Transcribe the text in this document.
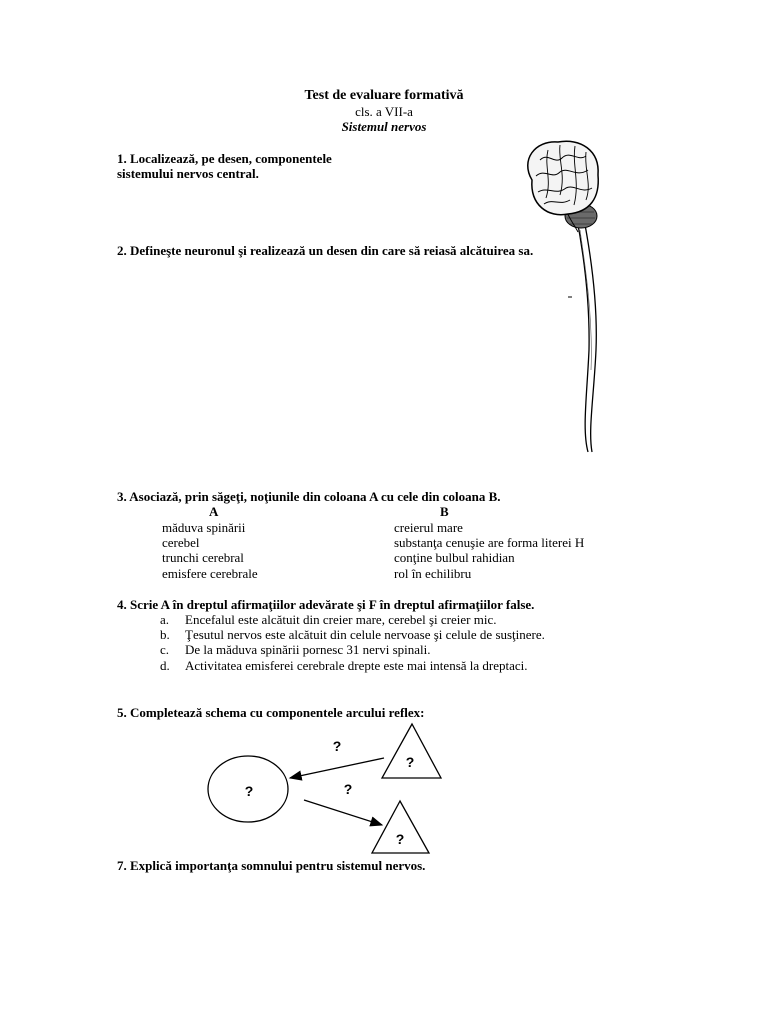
Test de evaluare formativă
cls. a VII-a
Sistemul nervos
1. Localizează, pe desen, componentele
sistemului nervos central.
2. Defineşte neuronul şi realizează un desen din care să reiasă alcătuirea sa.
3. Asociază, prin săgeţi, noţiunile din coloana A cu cele din coloana B.
A	B
măduva spinării
cerebel
trunchi cerebral
emisfere cerebrale
creierul mare
substanţa cenuşie are forma literei H
conţine bulbul rahidian
rol în echilibru
4. Scrie A în dreptul afirmaţiilor adevărate şi F în dreptul afirmaţiilor false.
a. Encefalul este alcătuit din creier mare, cerebel şi creier mic.
b. Ţesutul nervos este alcătuit din celule nervoase şi celule de susţinere.
c. De la măduva spinării pornesc 31 nervi spinali.
d. Activitatea emisferei cerebrale drepte este mai intensă la dreptaci.
5. Completează schema cu componentele arcului reflex:
?
?
?	?
?
7. Explică importanţa somnului pentru sistemul nervos.
